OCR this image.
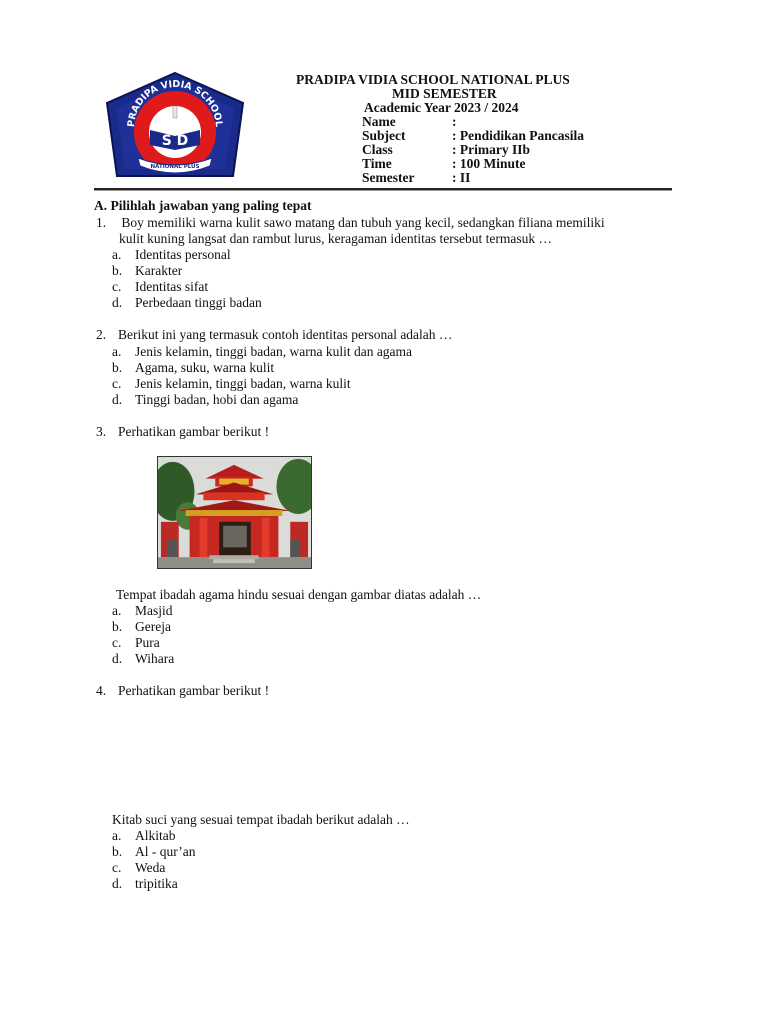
PRADIPA VIDIA SCHOOL
S D
NATIONAL PLUS
PRADIPA VIDIA SCHOOL NATIONAL PLUS
MID SEMESTER
Academic Year 2023 / 2024
Name	:
Subject	: Pendidikan Pancasila
Class	: Primary IIb
Time	: 100 Minute
Semester	: II
A. Pilihlah jawaban yang paling tepat
1. Boy memiliki warna kulit sawo matang dan tubuh yang kecil, sedangkan filiana memiliki
kulit kuning langsat dan rambut lurus, keragaman identitas tersebut termasuk …
a. Identitas personal
b. Karakter
c. Identitas sifat
d. Perbedaan tinggi badan
2. Berikut ini yang termasuk contoh identitas personal adalah …
a. Jenis kelamin, tinggi badan, warna kulit dan agama
b. Agama, suku, warna kulit
c. Jenis kelamin, tinggi badan, warna kulit
d. Tinggi badan, hobi dan agama
3. Perhatikan gambar berikut !
Tempat ibadah agama hindu sesuai dengan gambar diatas adalah …
a. Masjid
b. Gereja
c. Pura
d. Wihara
4. Perhatikan gambar berikut !
Kitab suci yang sesuai tempat ibadah berikut adalah …
a. Alkitab
b. Al - qur’an
c. Weda
d. tripitika
